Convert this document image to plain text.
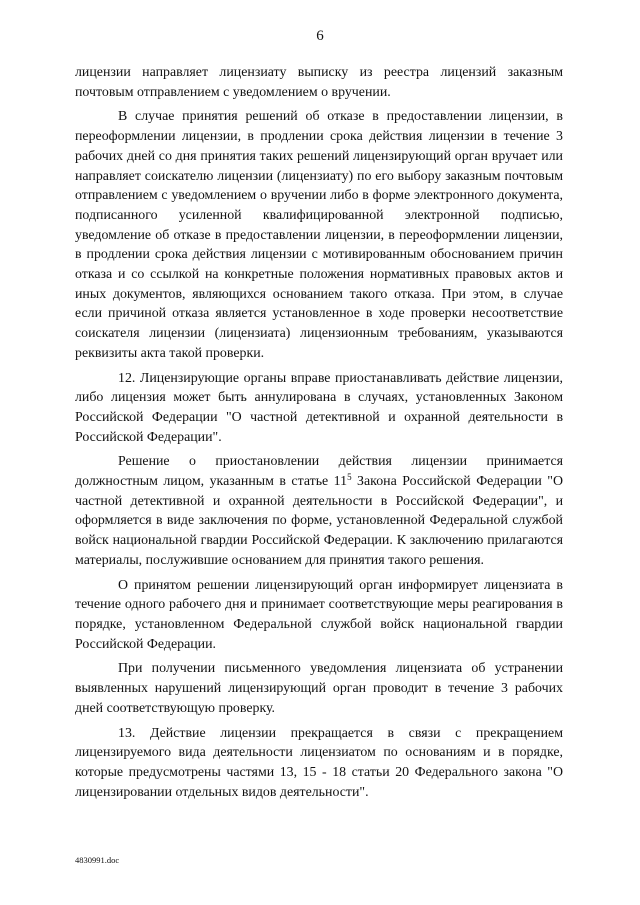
6

лицензии направляет лицензиату выписку из реестра лицензий заказным почтовым отправлением с уведомлением о вручении.

В случае принятия решений об отказе в предоставлении лицензии, в переоформлении лицензии, в продлении срока действия лицензии в течение 3 рабочих дней со дня принятия таких решений лицензирующий орган вручает или направляет соискателю лицензии (лицензиату) по его выбору заказным почтовым отправлением с уведомлением о вручении либо в форме электронного документа, подписанного усиленной квалифицированной электронной подписью, уведомление об отказе в предоставлении лицензии, в переоформлении лицензии, в продлении срока действия лицензии с мотивированным обоснованием причин отказа и со ссылкой на конкретные положения нормативных правовых актов и иных документов, являющихся основанием такого отказа. При этом, в случае если причиной отказа является установленное в ходе проверки несоответствие соискателя лицензии (лицензиата) лицензионным требованиям, указываются реквизиты акта такой проверки.

12. Лицензирующие органы вправе приостанавливать действие лицензии, либо лицензия может быть аннулирована в случаях, установленных Законом Российской Федерации "О частной детективной и охранной деятельности в Российской Федерации".

Решение о приостановлении действия лицензии принимается должностным лицом, указанным в статье $11^5$ Закона Российской Федерации "О частной детективной и охранной деятельности в Российской Федерации", и оформляется в виде заключения по форме, установленной Федеральной службой войск национальной гвардии Российской Федерации. К заключению прилагаются материалы, послужившие основанием для принятия такого решения.

О принятом решении лицензирующий орган информирует лицензиата в течение одного рабочего дня и принимает соответствующие меры реагирования в порядке, установленном Федеральной службой войск национальной гвардии Российской Федерации.

При получении письменного уведомления лицензиата об устранении выявленных нарушений лицензирующий орган проводит в течение 3 рабочих дней соответствующую проверку.

13. Действие лицензии прекращается в связи с прекращением лицензируемого вида деятельности лицензиатом по основаниям и в порядке, которые предусмотрены частями 13, 15 - 18 статьи 20 Федерального закона "О лицензировании отдельных видов деятельности".

4830991.doc
